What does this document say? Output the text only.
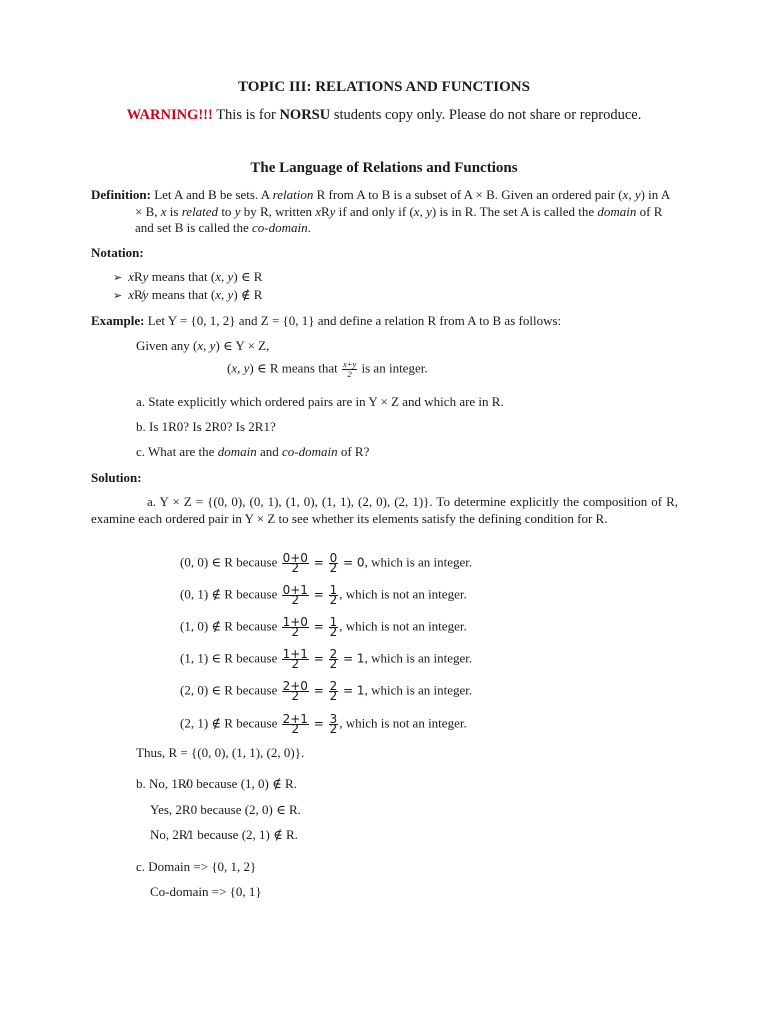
TOPIC III: RELATIONS AND FUNCTIONS
WARNING!!! This is for NORSU students copy only. Please do not share or reproduce.
The Language of Relations and Functions
Definition: Let A and B be sets. A relation R from A to B is a subset of A × B. Given an ordered pair (x, y) in A × B, x is related to y by R, written xRy if and only if (x, y) is in R. The set A is called the domain of R and set B is called the co-domain.
Notation:
➢ xRy means that (x, y) ∈ R
➢ xR̸y means that (x, y) ∉ R
Example: Let Y = {0, 1, 2} and Z = {0, 1} and define a relation R from A to B as follows:
Given any (x, y) ∈ Y × Z,
(x, y) ∈ R means that $\frac{x+y}{2}$ is an integer.
a. State explicitly which ordered pairs are in Y × Z and which are in R.
b. Is 1R0? Is 2R0? Is 2R1?
c. What are the domain and co-domain of R?
Solution:
a. Y × Z = {(0, 0), (0, 1), (1, 0), (1, 1), (2, 0), (2, 1)}. To determine explicitly the composition of R, examine each ordered pair in Y × Z to see whether its elements satisfy the defining condition for R.
(0, 0) ∈ R because $\frac{0+0}{2} = \frac{0}{2} = 0$, which is an integer.
(0, 1) ∉ R because $\frac{0+1}{2} = \frac{1}{2}$ , which is not an integer.
(1, 0) ∉ R because $\frac{1+0}{2} = \frac{1}{2}$ , which is not an integer.
(1, 1) ∈ R because $\frac{1+1}{2} = \frac{2}{2} = 1$, which is an integer.
(2, 0) ∈ R because $\frac{2+0}{2} = \frac{2}{2} = 1$, which is an integer.
(2, 1) ∉ R because $\frac{2+1}{2} = \frac{3}{2}$ , which is not an integer.
Thus, R = {(0, 0), (1, 1), (2, 0)}.
b. No, 1R̸0 because (1, 0) ∉ R.
Yes, 2R0 because (2, 0) ∈ R.
No, 2R̸1 because (2, 1) ∉ R.
c. Domain => {0, 1, 2}
Co-domain => {0, 1}
